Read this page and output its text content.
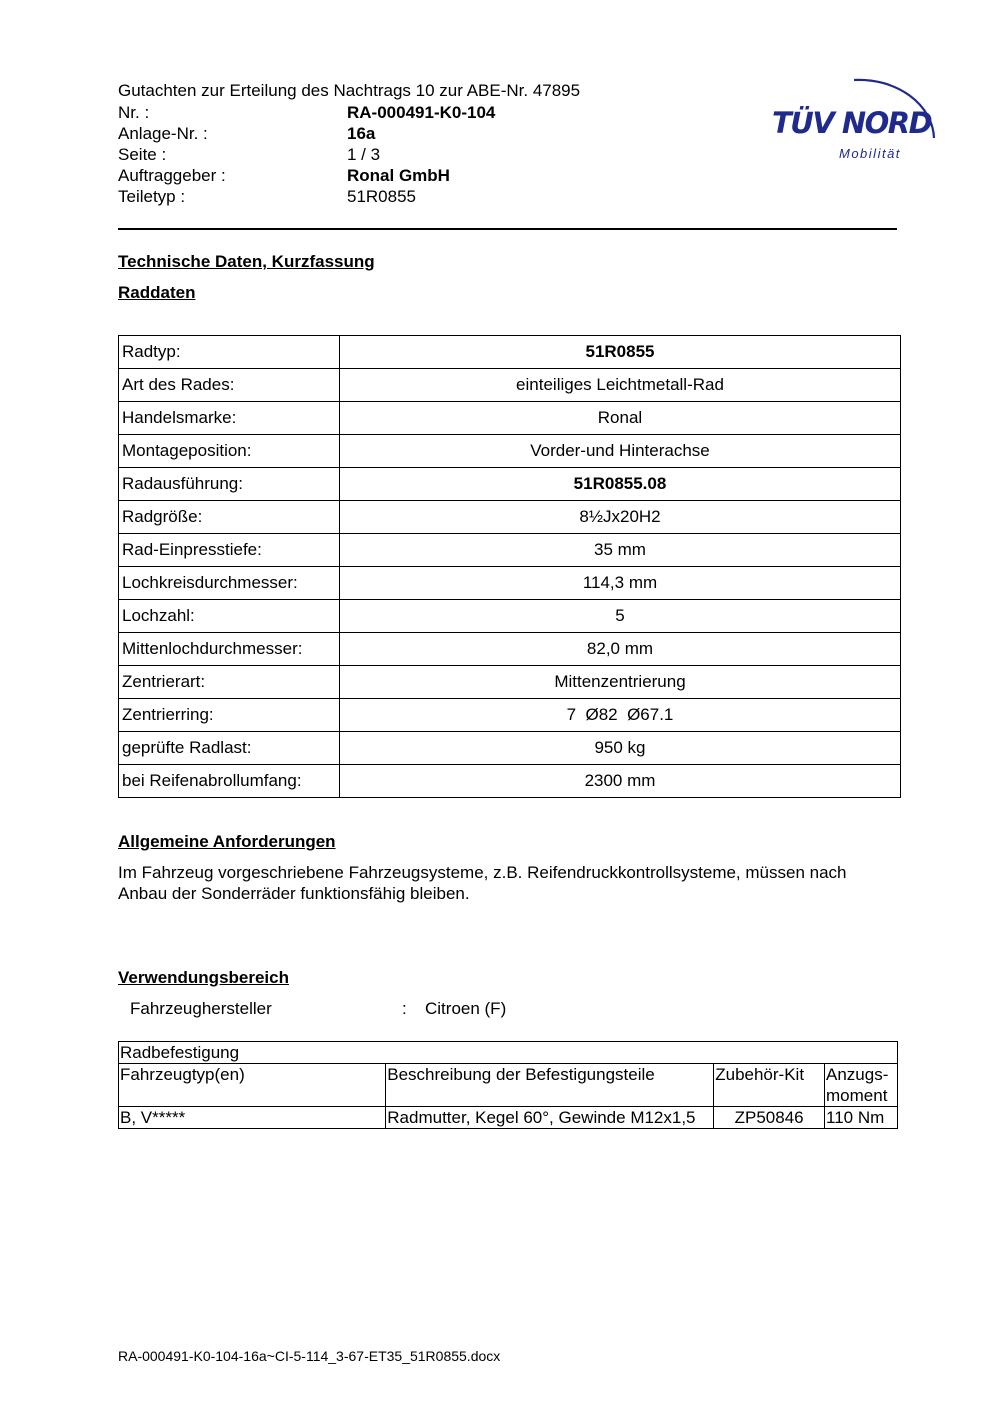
Gutachten zur Erteilung des Nachtrags 10 zur ABE-Nr. 47895
Nr. :	RA-000491-K0-104
Anlage-Nr. :	16a
Seite :	1 / 3
Auftraggeber :	Ronal GmbH
Teiletyp :	51R0855
TÜV NORD
Mobilität
Technische Daten, Kurzfassung
Raddaten
Radtyp:	51R0855
Art des Rades:	einteiliges Leichtmetall-Rad
Handelsmarke:	Ronal
Montageposition:	Vorder-und Hinterachse
Radausführung:	51R0855.08
Radgröße:	8½Jx20H2
Rad-Einpresstiefe:	35 mm
Lochkreisdurchmesser:	114,3 mm
Lochzahl:	5
Mittenlochdurchmesser:	82,0 mm
Zentrierart:	Mittenzentrierung
Zentrierring:	7  Ø82  Ø67.1
geprüfte Radlast:	950 kg
bei Reifenabrollumfang:	2300 mm
Allgemeine Anforderungen
Im Fahrzeug vorgeschriebene Fahrzeugsysteme, z.B. Reifendruckkontrollsysteme, müssen nach Anbau der Sonderräder funktionsfähig bleiben.
Verwendungsbereich
Fahrzeughersteller	: Citroen (F)
Radbefestigung			
Fahrzeugtyp(en)	Beschreibung der Befestigungsteile	Zubehör-Kit	Anzugs-moment
B, V*****	Radmutter, Kegel 60°, Gewinde M12x1,5	ZP50846	110 Nm
RA-000491-K0-104-16a~CI-5-114_3-67-ET35_51R0855.docx
